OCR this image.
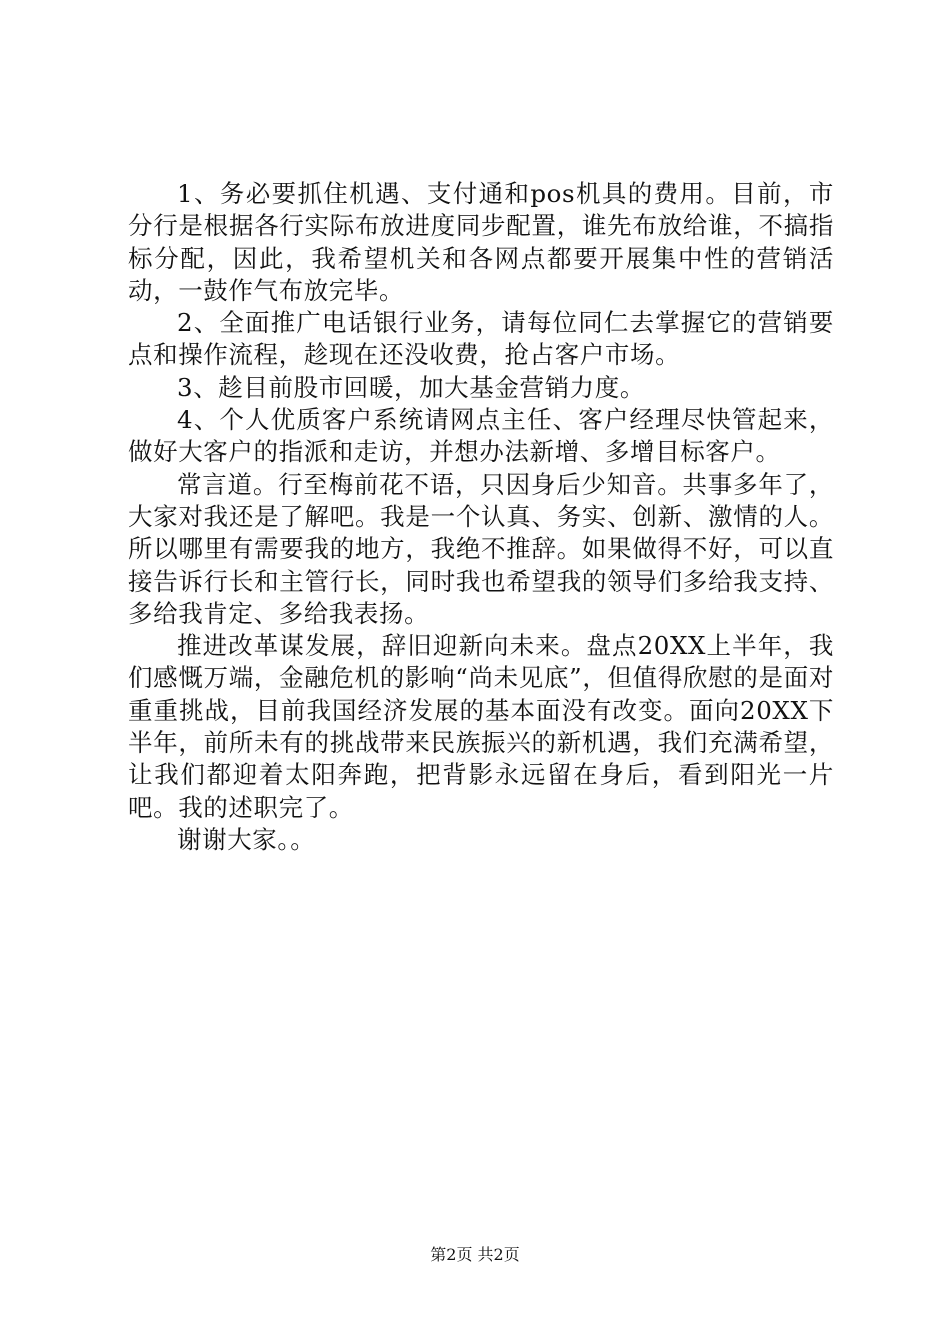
1、务必要抓住机遇、支付通和pos机具的费用。目前，市分行是根据各行实际布放进度同步配置，谁先布放给谁，不搞指标分配，因此，我希望机关和各网点都要开展集中性的营销活动，一鼓作气布放完毕。

2、全面推广电话银行业务，请每位同仁去掌握它的营销要点和操作流程，趁现在还没收费，抢占客户市场。

3、趁目前股市回暖，加大基金营销力度。

4、个人优质客户系统请网点主任、客户经理尽快管起来，做好大客户的指派和走访，并想办法新增、多增目标客户。

常言道。行至梅前花不语，只因身后少知音。共事多年了，大家对我还是了解吧。我是一个认真、务实、创新、激情的人。所以哪里有需要我的地方，我绝不推辞。如果做得不好，可以直接告诉行长和主管行长，同时我也希望我的领导们多给我支持、多给我肯定、多给我表扬。

推进改革谋发展，辞旧迎新向未来。盘点20XX上半年，我们感慨万端，金融危机的影响“尚未见底”，但值得欣慰的是面对重重挑战，目前我国经济发展的基本面没有改变。面向20XX下半年，前所未有的挑战带来民族振兴的新机遇，我们充满希望，让我们都迎着太阳奔跑，把背影永远留在身后，看到阳光一片吧。我的述职完了。

谢谢大家。。

第2页 共2页
